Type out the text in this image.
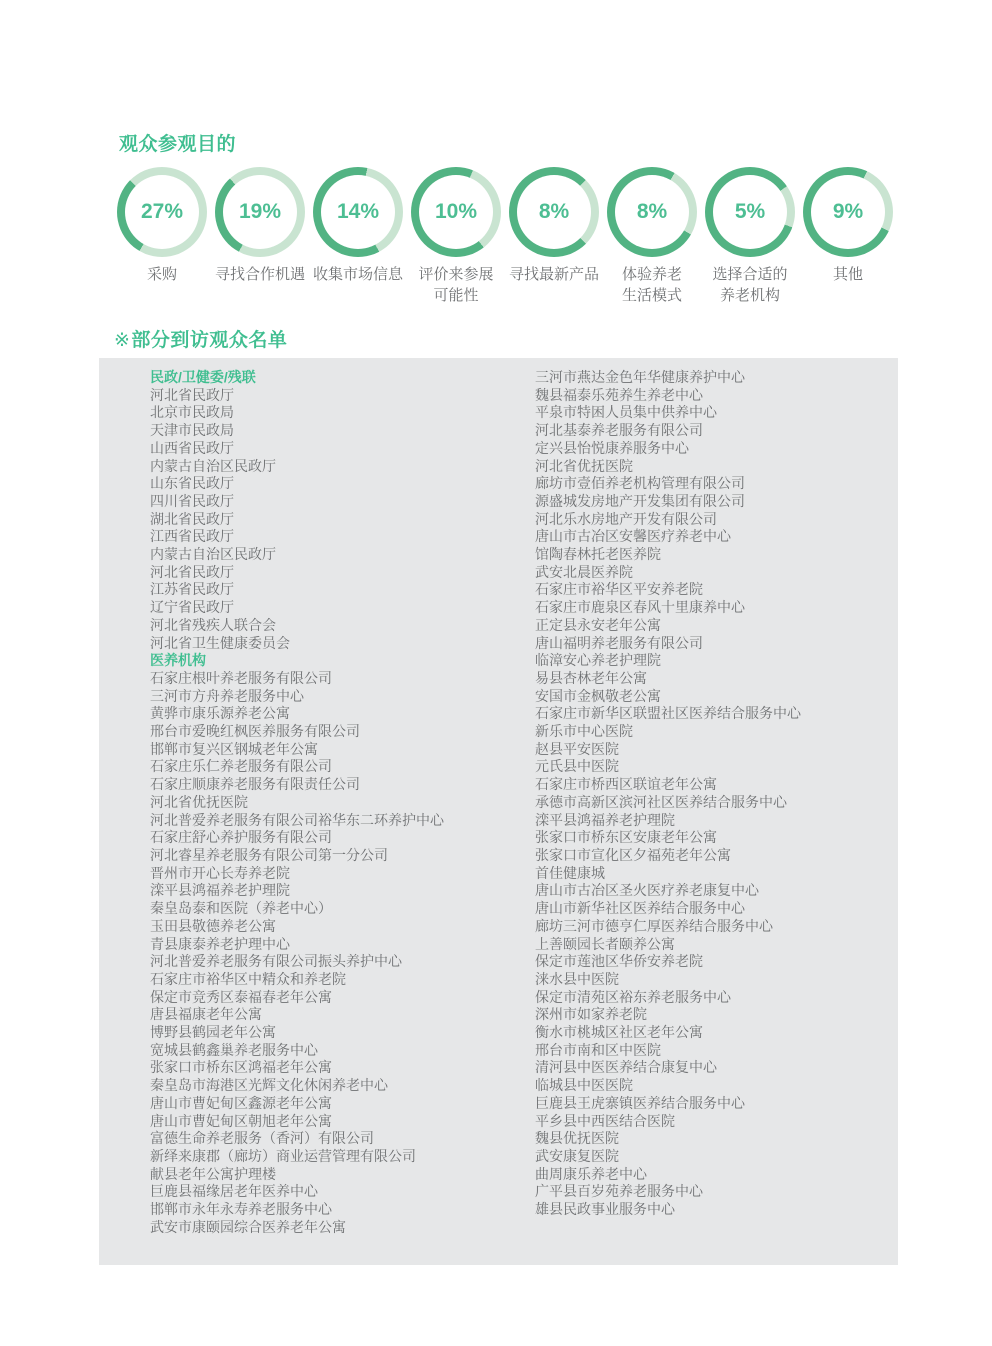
观众参观目的
27%
采购
19%
寻找合作机遇
14%
收集市场信息
10%
评价来参展
可能性
8%
寻找最新产品
8%
体验养老
生活模式
5%
选择合适的
养老机构
9%
其他
※部分到访观众名单
民政/卫健委/残联
河北省民政厅
北京市民政局
天津市民政局
山西省民政厅
内蒙古自治区民政厅
山东省民政厅
四川省民政厅
湖北省民政厅
江西省民政厅
内蒙古自治区民政厅
河北省民政厅
江苏省民政厅
辽宁省民政厅
河北省残疾人联合会
河北省卫生健康委员会
医养机构
石家庄根叶养老服务有限公司
三河市方舟养老服务中心
黄骅市康乐源养老公寓
邢台市爱晚红枫医养服务有限公司
邯郸市复兴区钢城老年公寓
石家庄乐仁养老服务有限公司
石家庄顺康养老服务有限责任公司
河北省优抚医院
河北普爱养老服务有限公司裕华东二环养护中心
石家庄舒心养护服务有限公司
河北睿星养老服务有限公司第一分公司
晋州市开心长寿养老院
滦平县鸿福养老护理院
秦皇岛泰和医院（养老中心）
玉田县敬德养老公寓
青县康泰养老护理中心
河北普爱养老服务有限公司振头养护中心
石家庄市裕华区中精众和养老院
保定市竞秀区泰福春老年公寓
唐县福康老年公寓
博野县鹤园老年公寓
宽城县鹤鑫巢养老服务中心
张家口市桥东区鸿福老年公寓
秦皇岛市海港区光辉文化休闲养老中心
唐山市曹妃甸区鑫源老年公寓
唐山市曹妃甸区朝旭老年公寓
富德生命养老服务（香河）有限公司
新绎来康郡（廊坊）商业运营管理有限公司
献县老年公寓护理楼
巨鹿县福缘居老年医养中心
邯郸市永年永寿养老服务中心
武安市康颐园综合医养老年公寓
三河市燕达金色年华健康养护中心
魏县福泰乐苑养生养老中心
平泉市特困人员集中供养中心
河北基泰养老服务有限公司
定兴县怡悦康养服务中心
河北省优抚医院
廊坊市壹佰养老机构管理有限公司
源盛城发房地产开发集团有限公司
河北乐水房地产开发有限公司
唐山市古冶区安馨医疗养老中心
馆陶春林托老医养院
武安北晨医养院
石家庄市裕华区平安养老院
石家庄市鹿泉区春风十里康养中心
正定县永安老年公寓
唐山福明养老服务有限公司
临漳安心养老护理院
易县杏林老年公寓
安国市金枫敬老公寓
石家庄市新华区联盟社区医养结合服务中心
新乐市中心医院
赵县平安医院
元氏县中医院
石家庄市桥西区联谊老年公寓
承德市高新区滨河社区医养结合服务中心
滦平县鸿福养老护理院
张家口市桥东区安康老年公寓
张家口市宣化区夕福苑老年公寓
首佳健康城
唐山市古冶区圣火医疗养老康复中心
唐山市新华社区医养结合服务中心
廊坊三河市德亨仁厚医养结合服务中心
上善颐园长者颐养公寓
保定市莲池区华侨安养老院
涞水县中医院
保定市清苑区裕东养老服务中心
深州市如家养老院
衡水市桃城区社区老年公寓
邢台市南和区中医院
清河县中医医养结合康复中心
临城县中医医院
巨鹿县王虎寨镇医养结合服务中心
平乡县中西医结合医院
魏县优抚医院
武安康复医院
曲周康乐养老中心
广平县百岁苑养老服务中心
雄县民政事业服务中心
